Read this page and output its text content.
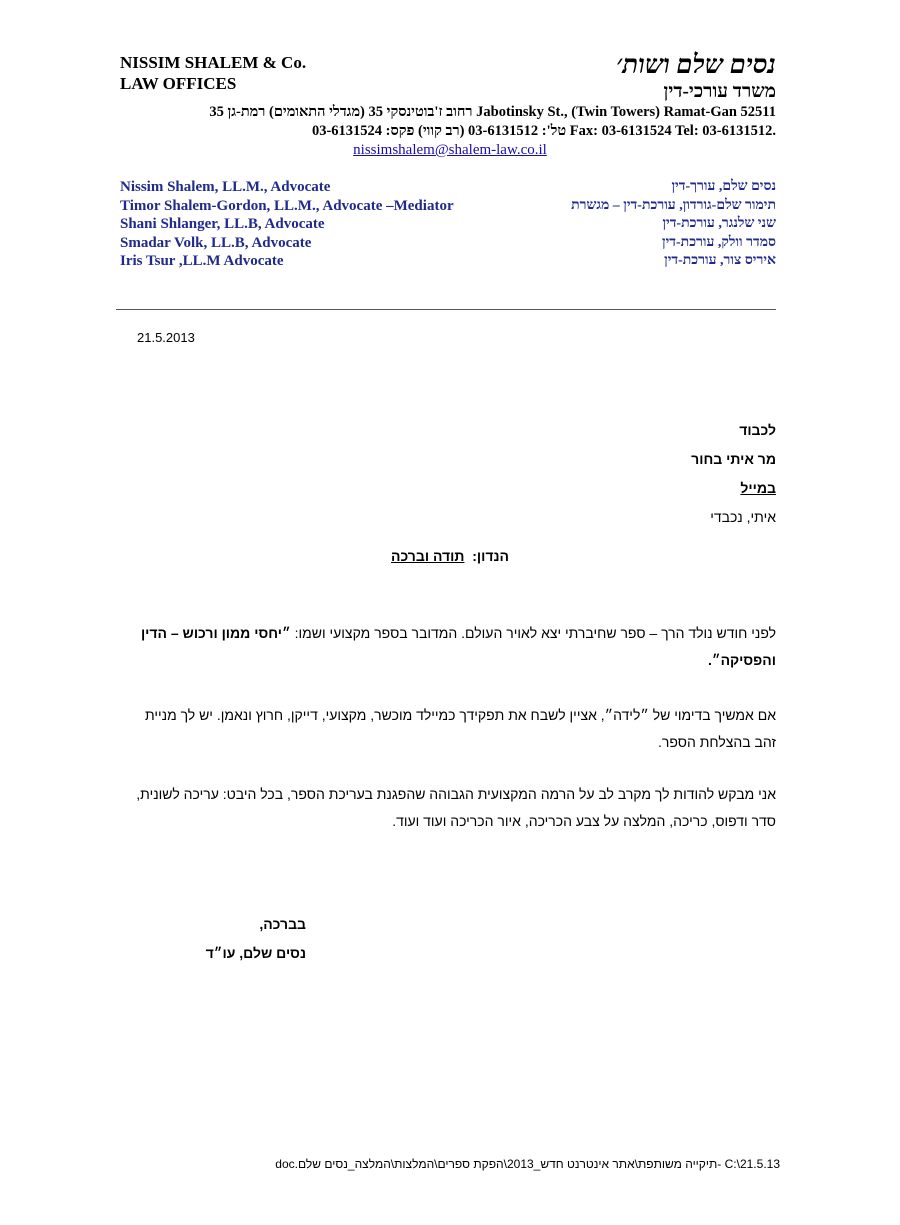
NISSIM SHALEM & Co.
LAW OFFICES
נסים שלם ושות׳
משרד עורכי-דין
רחוב ז'בוטינסקי 35 (מגדלי התאומים) רמת-גן 35 Jabotinsky St., (Twin Towers) Ramat-Gan 52511
טל': 03-6131512 (רב קווי) פקס: 03-6131524 Fax: 03-6131524 Tel: 03-6131512.
nissimshalem@shalem-law.co.il
Nissim Shalem, LL.M., Advocate
Timor Shalem-Gordon, LL.M., Advocate –Mediator
Shani Shlanger, LL.B, Advocate
Smadar Volk, LL.B, Advocate
Iris Tsur ,LL.M Advocate
נסים שלם, עורך-דין
תימור שלם-גורדון, עורכת-דין – מגשרת
שני שלנגר, עורכת-דין
סמדר וולק, עורכת-דין
איריס צור, עורכת-דין
21.5.2013
לכבוד
מר איתי בחור
במייל
איתי, נכבדי
הנדון:  תודה וברכה
לפני חודש נולד הרך – ספר שחיברתי יצא לאויר העולם. המדובר בספר מקצועי ושמו: ״יחסי ממון ורכוש – הדין והפסיקה״.
אם אמשיך בדימוי של ״לידה״, אציין לשבח את תפקידך כמיילד מוכשר, מקצועי, דייקן, חרוץ ונאמן. יש לך מניית זהב בהצלחת הספר.
אני מבקש להודות לך מקרב לב על הרמה המקצועית הגבוהה שהפגנת בעריכת הספר, בכל היבט: עריכה לשונית, סדר ודפוס, כריכה, המלצה על צבע הכריכה, איור הכריכה ועוד ועוד.
בברכה,
נסים שלם, עו״ד
C:\21.5.13 -תיקייה משותפת\אתר אינטרנט חדש_2013\הפקת ספרים\המלצות\המלצה_נסים שלם.doc
